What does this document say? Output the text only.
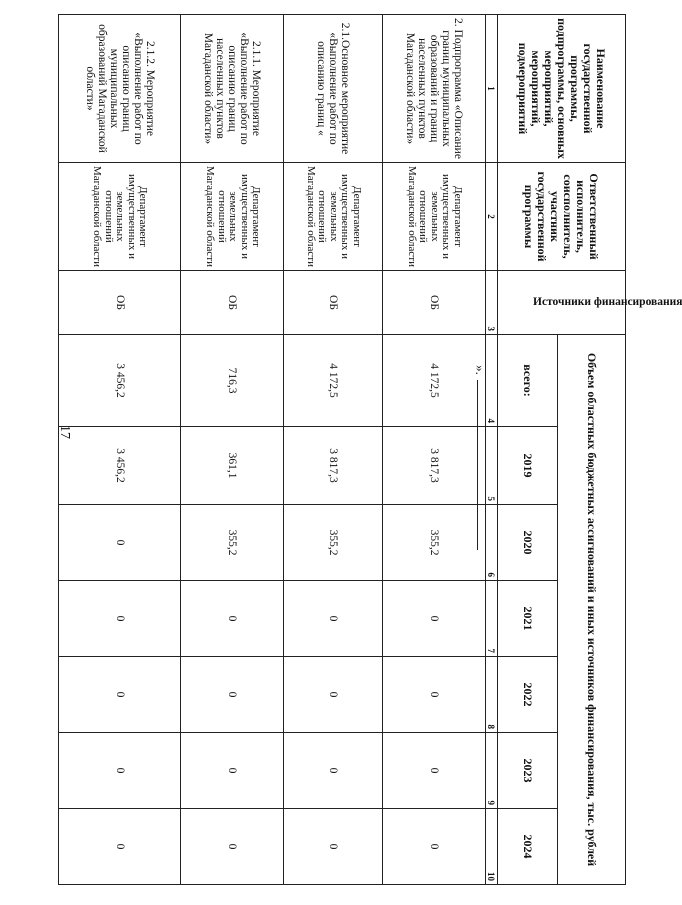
17
».
Наименование государственной программы, подпрограммы, основных мероприятий, мероприятий, подмероприятий	Ответственный исполнитель, соисполнитель, участник государственной программы	Источники финансирования	Объем областных бюджетных ассигнований и иных источников финансирования, тыс. рублей						
			всего:	2019	2020	2021	2022	2023	2024
1	2	3	4	5	6	7	8	9	10
2. Подпрограмма «Описание границ муниципальных образований и границ населенных пунктов Магаданской области»	Департамент имущественных и земельных отношений Магаданской области	ОБ	4 172,5	3 817,3	355,2	0	0	0	0
2.1.Основное мероприятие «Выполнение работ по описанию границ «	Департамент имущественных и земельных отношений Магаданской области	ОБ	4 172,5	3 817,3	355,2	0	0	0	0
2.1.1. Мероприятие «Выполнение работ по описанию границ населенных пунктов Магаданской области»	Департамент имущественных и земельных отношений Магаданской области	ОБ	716,3	361,1	355,2	0	0	0	0
2.1.2. Мероприятие «Выполнение работ по описанию границ муниципальных образований Магаданской области»	Департамент имущественных и земельных отношений Магаданской области	ОБ	3 456,2	3 456,2	0	0	0	0	0
